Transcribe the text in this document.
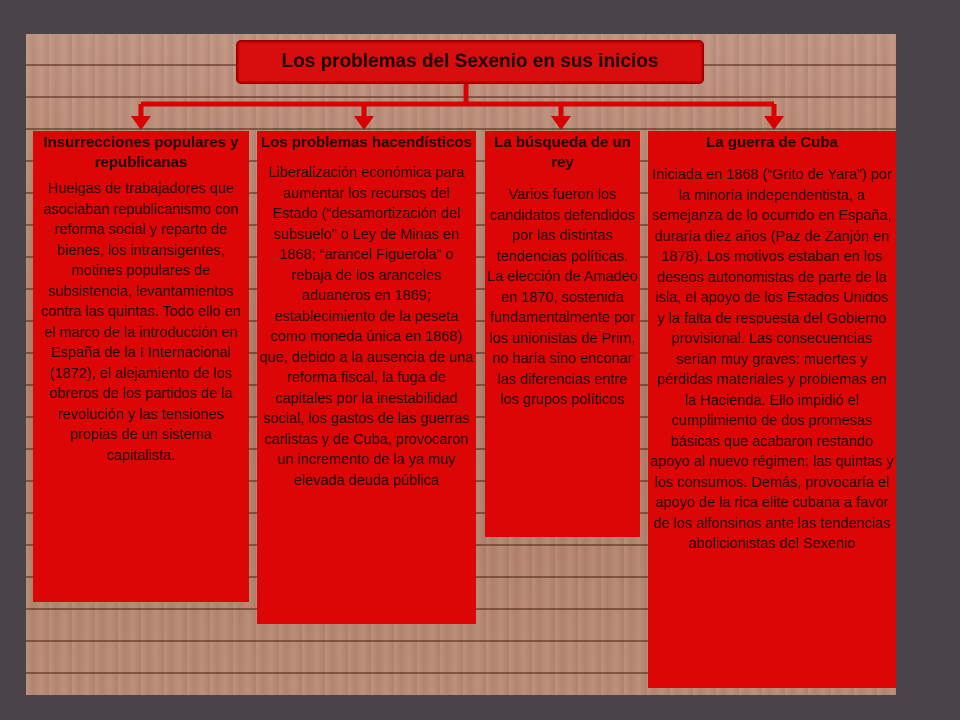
Los problemas del Sexenio en sus inicios
Insurrecciones populares y republicanas

Huelgas de trabajadores que asociaban republicanismo con reforma social y reparto de bienes, los intransigentes, motines populares de subsistencia, levantamientos contra las quintas. Todo ello en el marco de la introducción en España de la I Internacional (1872), el alejamiento de los obreros de los partidos de la revolución y las tensiones propias de un sistema capitalista.

Los problemas hacendísticos

Liberalización económica para aumentar los recursos del Estado (“desamortización del subsuelo” o Ley de Minas en 1868; “arancel Figuerola” o rebaja de los aranceles aduaneros en 1869; establecimiento de la peseta como moneda única en 1868) que, debido a la ausencia de una reforma fiscal, la fuga de capitales por la inestabilidad social, los gastos de las guerras carlistas y de Cuba, provocaron un incremento de la ya muy elevada deuda pública

La búsqueda de un rey

Varios fueron los candidatos defendidos por las distintas tendencias políticas. La elección de Amadeo en 1870, sostenida fundamentalmente por los unionistas de Prim, no haría sino enconar las diferencias entre los grupos políticos

La guerra de Cuba

Iniciada en 1868 (“Grito de Yara”) por la minoría independentista, a semejanza de lo ocurrido en España, duraría diez años (Paz de Zanjón en 1878). Los motivos estaban en los deseos autonomistas de parte de la isla, el apoyo de los Estados Unidos y la falta de respuesta del Gobierno provisional. Las consecuencias serían muy graves: muertes y pérdidas materiales y problemas en la Hacienda. Ello impidió el cumplimiento de dos promesas básicas que acabaron restando apoyo al nuevo régimen: las quintas y los consumos. Demás, provocaría el apoyo de la rica elite cubana a favor de los alfonsinos ante las tendencias abolicionistas del Sexenio
